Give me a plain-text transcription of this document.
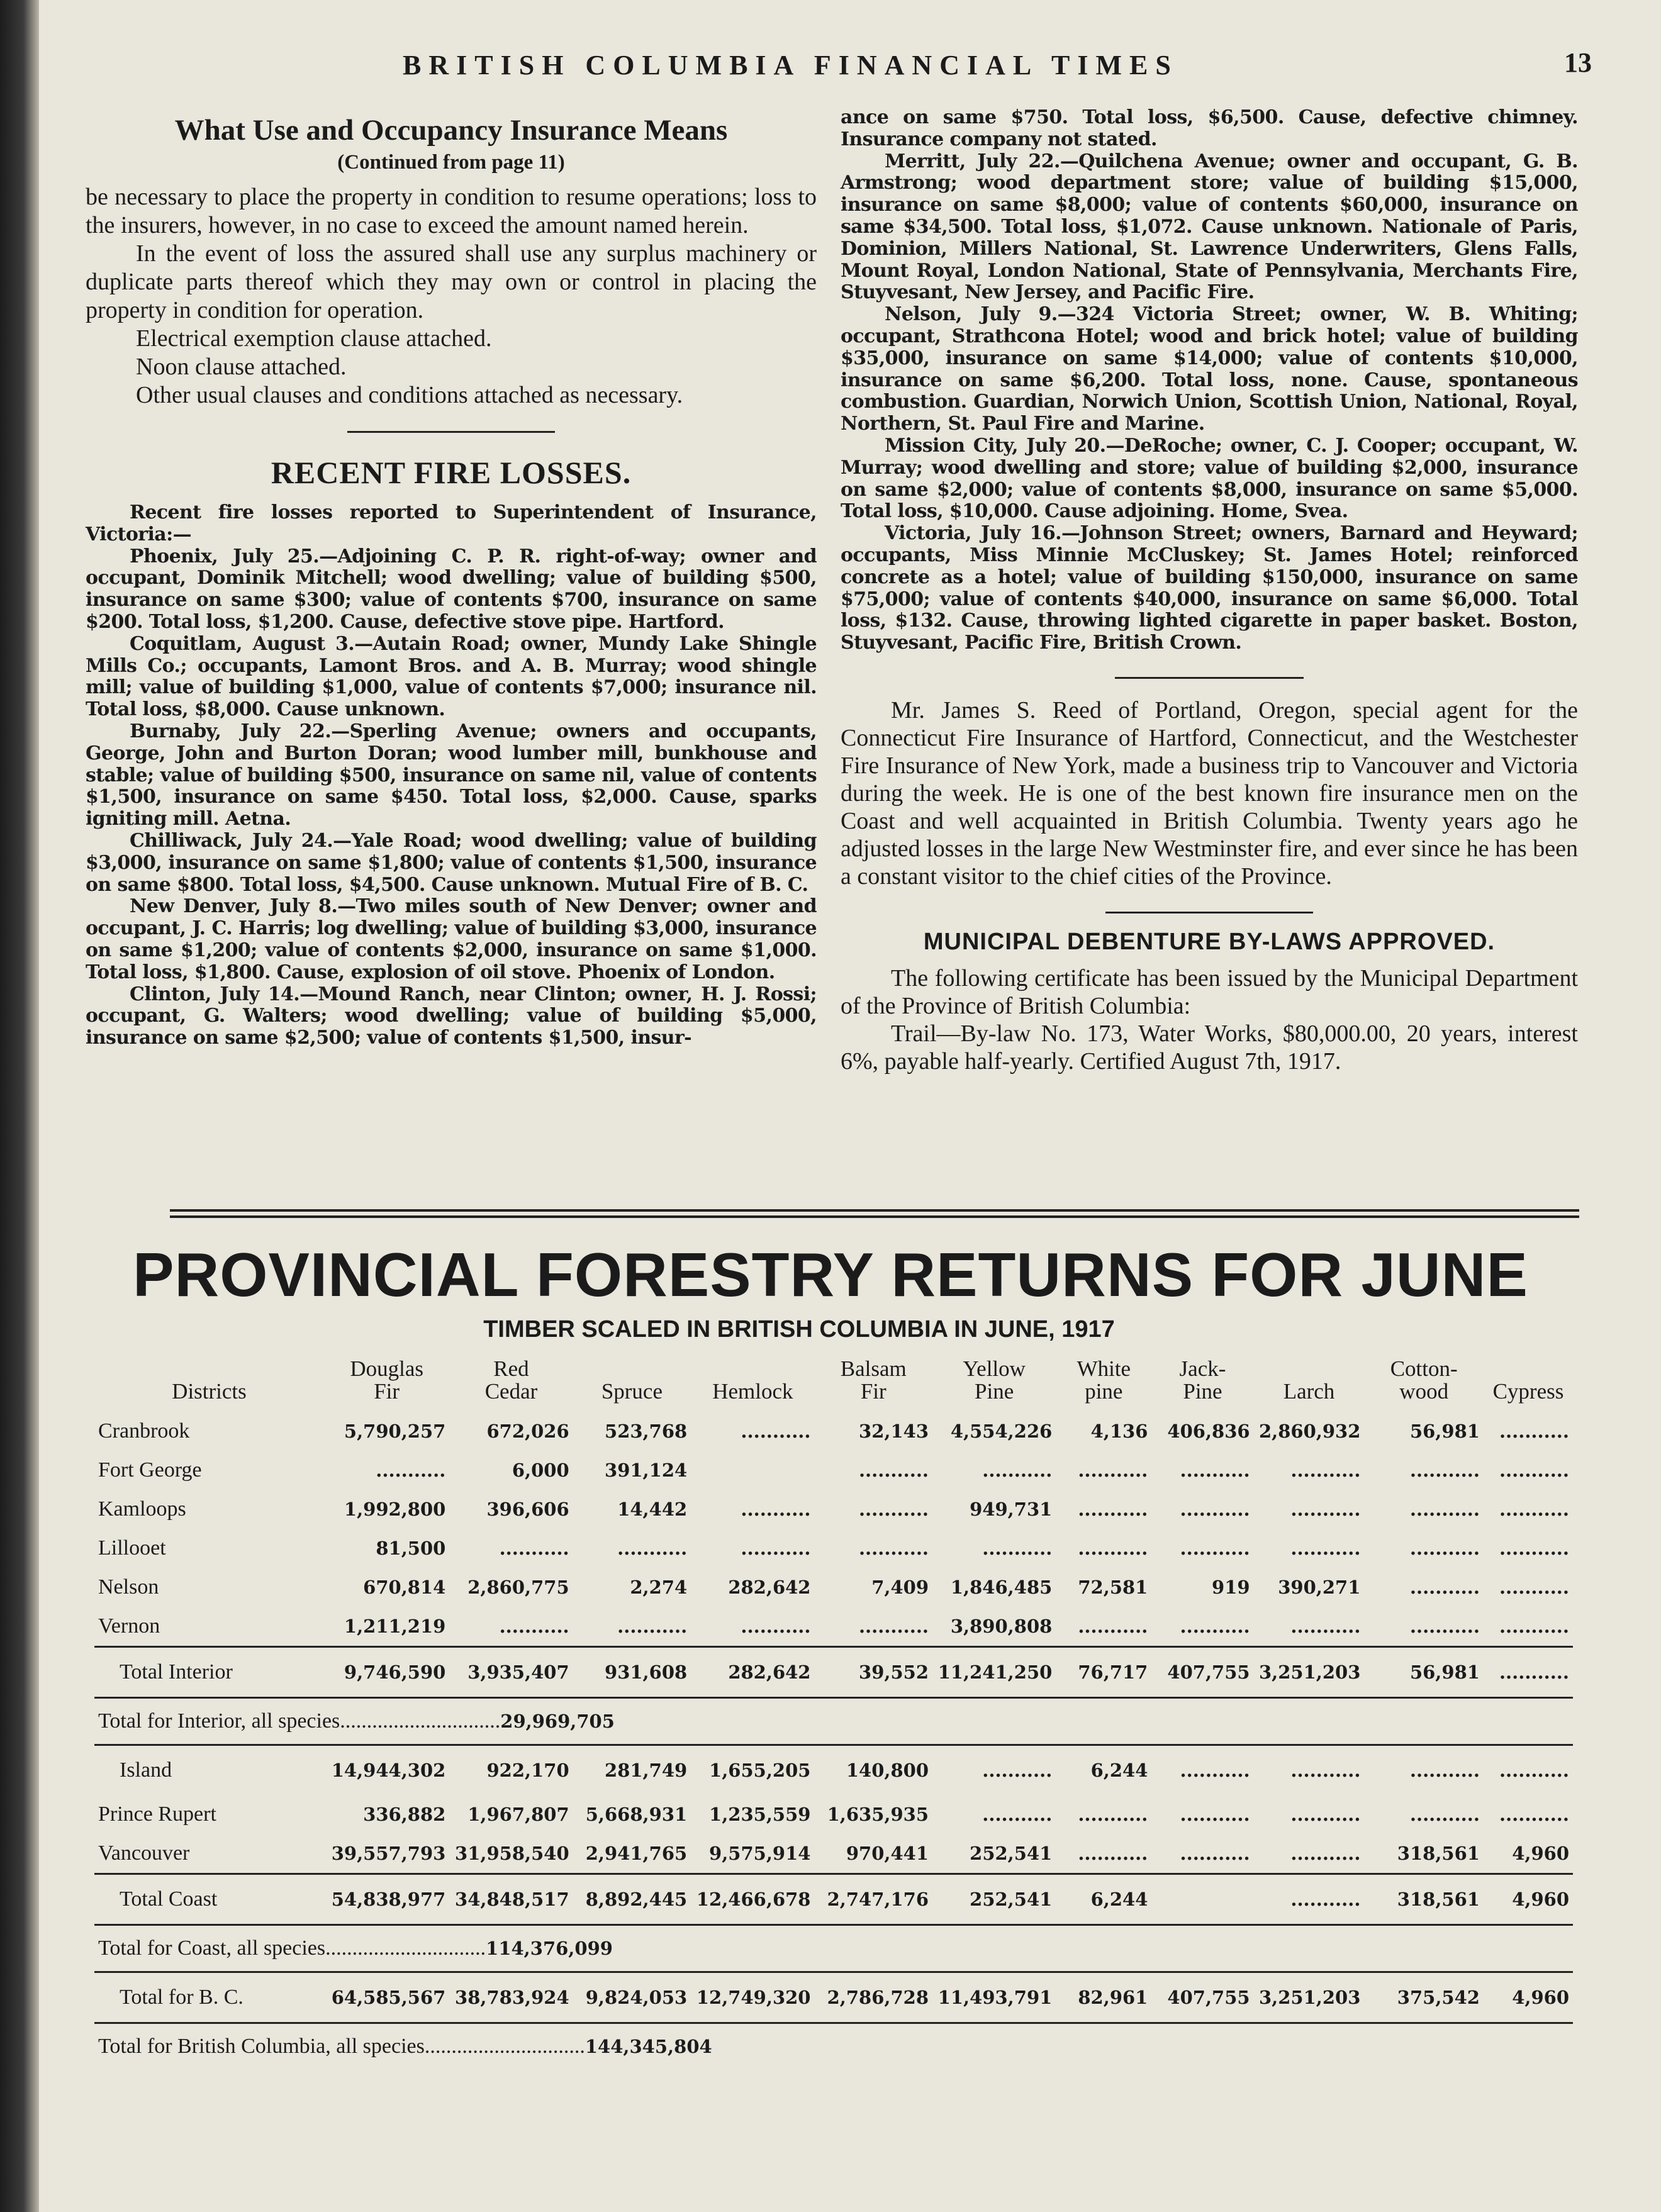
BRITISH COLUMBIA FINANCIAL TIMES	13
What Use and Occupancy Insurance Means
(Continued from page 11)

be necessary to place the property in condition to resume operations; loss to the insurers, however, in no case to exceed the amount named herein.

In the event of loss the assured shall use any surplus machinery or duplicate parts thereof which they may own or control in placing the property in condition for operation.

Electrical exemption clause attached.

Noon clause attached.

Other usual clauses and conditions attached as necessary.

RECENT FIRE LOSSES.

Recent fire losses reported to Superintendent of Insurance, Victoria:—

Phoenix, July 25.—Adjoining C. P. R. right-of-way; owner and occupant, Dominik Mitchell; wood dwelling; value of building $500, insurance on same $300; value of contents $700, insurance on same $200. Total loss, $1,200. Cause, defective stove pipe. Hartford.

Coquitlam, August 3.—Autain Road; owner, Mundy Lake Shingle Mills Co.; occupants, Lamont Bros. and A. B. Murray; wood shingle mill; value of building $1,000, value of contents $7,000; insurance nil. Total loss, $8,000. Cause unknown.

Burnaby, July 22.—Sperling Avenue; owners and occupants, George, John and Burton Doran; wood lumber mill, bunkhouse and stable; value of building $500, insurance on same nil, value of contents $1,500, insurance on same $450. Total loss, $2,000. Cause, sparks igniting mill. Aetna.

Chilliwack, July 24.—Yale Road; wood dwelling; value of building $3,000, insurance on same $1,800; value of contents $1,500, insurance on same $800. Total loss, $4,500. Cause unknown. Mutual Fire of B. C.

New Denver, July 8.—Two miles south of New Denver; owner and occupant, J. C. Harris; log dwelling; value of building $3,000, insurance on same $1,200; value of contents $2,000, insurance on same $1,000. Total loss, $1,800. Cause, explosion of oil stove. Phoenix of London.

Clinton, July 14.—Mound Ranch, near Clinton; owner, H. J. Rossi; occupant, G. Walters; wood dwelling; value of building $5,000, insurance on same $2,500; value of contents $1,500, insur-

ance on same $750. Total loss, $6,500. Cause, defective chimney. Insurance company not stated.

Merritt, July 22.—Quilchena Avenue; owner and occupant, G. B. Armstrong; wood department store; value of building $15,000, insurance on same $8,000; value of contents $60,000, insurance on same $34,500. Total loss, $1,072. Cause unknown. Nationale of Paris, Dominion, Millers National, St. Lawrence Underwriters, Glens Falls, Mount Royal, London National, State of Pennsylvania, Merchants Fire, Stuyvesant, New Jersey, and Pacific Fire.

Nelson, July 9.—324 Victoria Street; owner, W. B. Whiting; occupant, Strathcona Hotel; wood and brick hotel; value of building $35,000, insurance on same $14,000; value of contents $10,000, insurance on same $6,200. Total loss, none. Cause, spontaneous combustion. Guardian, Norwich Union, Scottish Union, National, Royal, Northern, St. Paul Fire and Marine.

Mission City, July 20.—DeRoche; owner, C. J. Cooper; occupant, W. Murray; wood dwelling and store; value of building $2,000, insurance on same $2,000; value of contents $8,000, insurance on same $5,000. Total loss, $10,000. Cause adjoining. Home, Svea.

Victoria, July 16.—Johnson Street; owners, Barnard and Heyward; occupants, Miss Minnie McCluskey; St. James Hotel; reinforced concrete as a hotel; value of building $150,000, insurance on same $75,000; value of contents $40,000, insurance on same $6,000. Total loss, $132. Cause, throwing lighted cigarette in paper basket. Boston, Stuyvesant, Pacific Fire, British Crown.

Mr. James S. Reed of Portland, Oregon, special agent for the Connecticut Fire Insurance of Hartford, Connecticut, and the Westchester Fire Insurance of New York, made a business trip to Vancouver and Victoria during the week. He is one of the best known fire insurance men on the Coast and well acquainted in British Columbia. Twenty years ago he adjusted losses in the large New Westminster fire, and ever since he has been a constant visitor to the chief cities of the Province.

MUNICIPAL DEBENTURE BY-LAWS APPROVED.

The following certificate has been issued by the Municipal Department of the Province of British Columbia:

Trail—By-law No. 173, Water Works, $80,000.00, 20 years, interest 6%, payable half-yearly. Certified August 7th, 1917.

PROVINCIAL FORESTRY RETURNS FOR JUNE
TIMBER SCALED IN BRITISH COLUMBIA IN JUNE, 1917
Districts	Douglas Fir	Red Cedar	Spruce	Hemlock	Balsam Fir	Yellow Pine	White pine	Jack-Pine	Larch	Cotton-wood	Cypress
Cranbrook	5,790,257	672,026	523,768	...........	32,143	4,554,226	4,136	406,836	2,860,932	56,981	...........
Fort George	...........	6,000	391,124		...........	...........	...........	...........	...........	...........	...........
Kamloops	1,992,800	396,606	14,442	...........	...........	949,731	...........	...........	...........	...........	...........
Lillooet	81,500	...........	...........	...........	...........	...........	...........	...........	...........	...........	...........
Nelson	670,814	2,860,775	2,274	282,642	7,409	1,846,485	72,581	919	390,271	...........	...........
Vernon	1,211,219	...........	...........	...........	...........	3,890,808	...........	...........	...........	...........	...........
Total Interior	9,746,590	3,935,407	931,608	282,642	39,552	11,241,250	76,717	407,755	3,251,203	56,981	...........
Total for Interior, all species..............................29,969,705											
Island	14,944,302	922,170	281,749	1,655,205	140,800	...........	6,244	...........	...........	...........	...........
Prince Rupert	336,882	1,967,807	5,668,931	1,235,559	1,635,935	...........	...........	...........	...........	...........	...........
Vancouver	39,557,793	31,958,540	2,941,765	9,575,914	970,441	252,541	...........	...........	...........	318,561	4,960
Total Coast	54,838,977	34,848,517	8,892,445	12,466,678	2,747,176	252,541	6,244		...........	318,561	4,960
Total for Coast, all species..............................114,376,099											
Total for B. C.	64,585,567	38,783,924	9,824,053	12,749,320	2,786,728	11,493,791	82,961	407,755	3,251,203	375,542	4,960
Total for British Columbia, all species..............................144,345,804											
